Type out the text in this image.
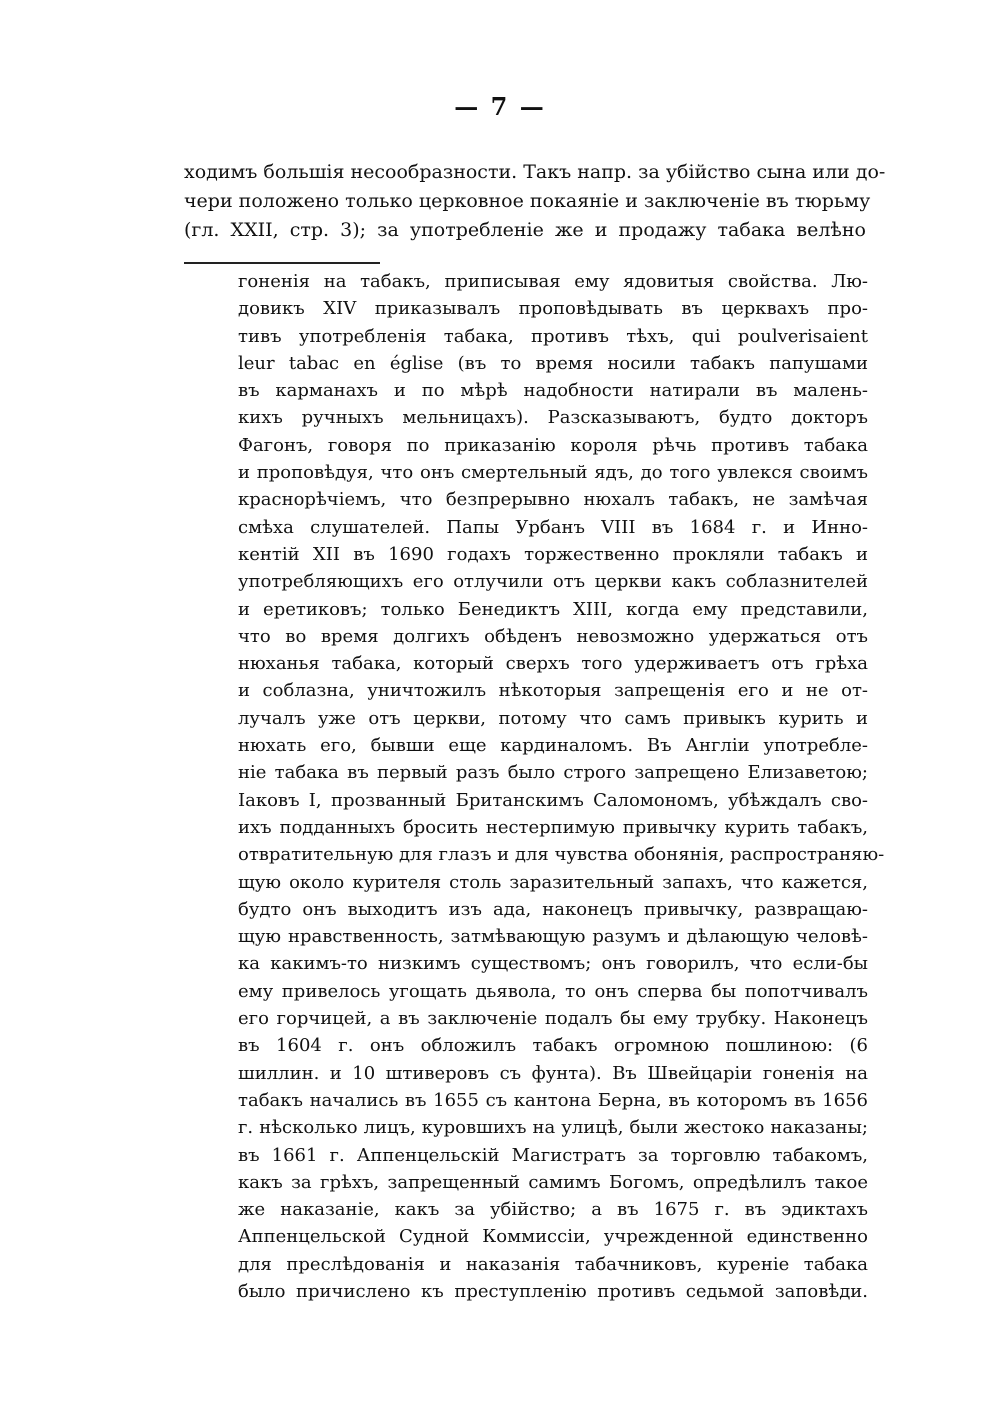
— 7 —
ходимъ большія несообразности. Такъ напр. за убійство сына или до-
чери положено только церковное покаяніе и заключеніе въ тюрьму
(гл. XXII, стр. 3); за употребленіе же и продажу табака велѣно
гоненія на табакъ, приписывая ему ядовитыя свойства. Лю-
довикъ XIV приказывалъ проповѣдывать въ церквахъ про-
тивъ употребленія табака, противъ тѣхъ, qui poulverisaient
leur tabac en église (въ то время носили табакъ папушами
въ карманахъ и по мѣрѣ надобности натирали въ малень-
кихъ ручныхъ мельницахъ). Разсказываютъ, будто докторъ
Фагонъ, говоря по приказанію короля рѣчь противъ табака
и проповѣдуя, что онъ смертельный ядъ, до того увлекся своимъ
краснорѣчіемъ, что безпрерывно нюхалъ табакъ, не замѣчая
смѣха слушателей. Папы Урбанъ VIII въ 1684 г. и Инно-
кентій XII въ 1690 годахъ торжественно прокляли табакъ и
употребляющихъ его отлучили отъ церкви какъ соблазнителей
и еретиковъ; только Бенедиктъ XIII, когда ему представили,
что во время долгихъ обѣденъ невозможно удержаться отъ
нюханья табака, который сверхъ того удерживаетъ отъ грѣха
и соблазна, уничтожилъ нѣкоторыя запрещенія его и не от-
лучалъ уже отъ церкви, потому что самъ привыкъ курить и
нюхать его, бывши еще кардиналомъ. Въ Англіи употребле-
ніе табака въ первый разъ было строго запрещено Елизаветою;
Іаковъ I, прозванный Британскимъ Саломономъ, убѣждалъ сво-
ихъ подданныхъ бросить нестерпимую привычку курить табакъ,
отвратительную для глазъ и для чувства обонянія, распространяю-
щую около курителя столь заразительный запахъ, что кажется,
будто онъ выходитъ изъ ада, наконецъ привычку, развращаю-
щую нравственность, затмѣвающую разумъ и дѣлающую человѣ-
ка какимъ-то низкимъ существомъ; онъ говорилъ, что если-бы
ему привелось угощать дьявола, то онъ сперва бы попотчивалъ
его горчицей, а въ заключеніе подалъ бы ему трубку. Наконецъ
въ 1604 г. онъ обложилъ табакъ огромною пошлиною: (6
шиллин. и 10 штиверовъ съ фунта). Въ Швейцаріи гоненія на
табакъ начались въ 1655 съ кантона Берна, въ которомъ въ 1656
г. нѣсколько лицъ, куровшихъ на улицѣ, были жестоко наказаны;
въ 1661 г. Аппенцельскій Магистратъ за торговлю табакомъ,
какъ за грѣхъ, запрещенный самимъ Богомъ, опредѣлилъ такое
же наказаніе, какъ за убійство; а въ 1675 г. въ эдиктахъ
Аппенцельской Судной Коммиссіи, учрежденной единственно
для преслѣдованія и наказанія табачниковъ, куреніе табака
было причислено къ преступленію противъ седьмой заповѣди.
